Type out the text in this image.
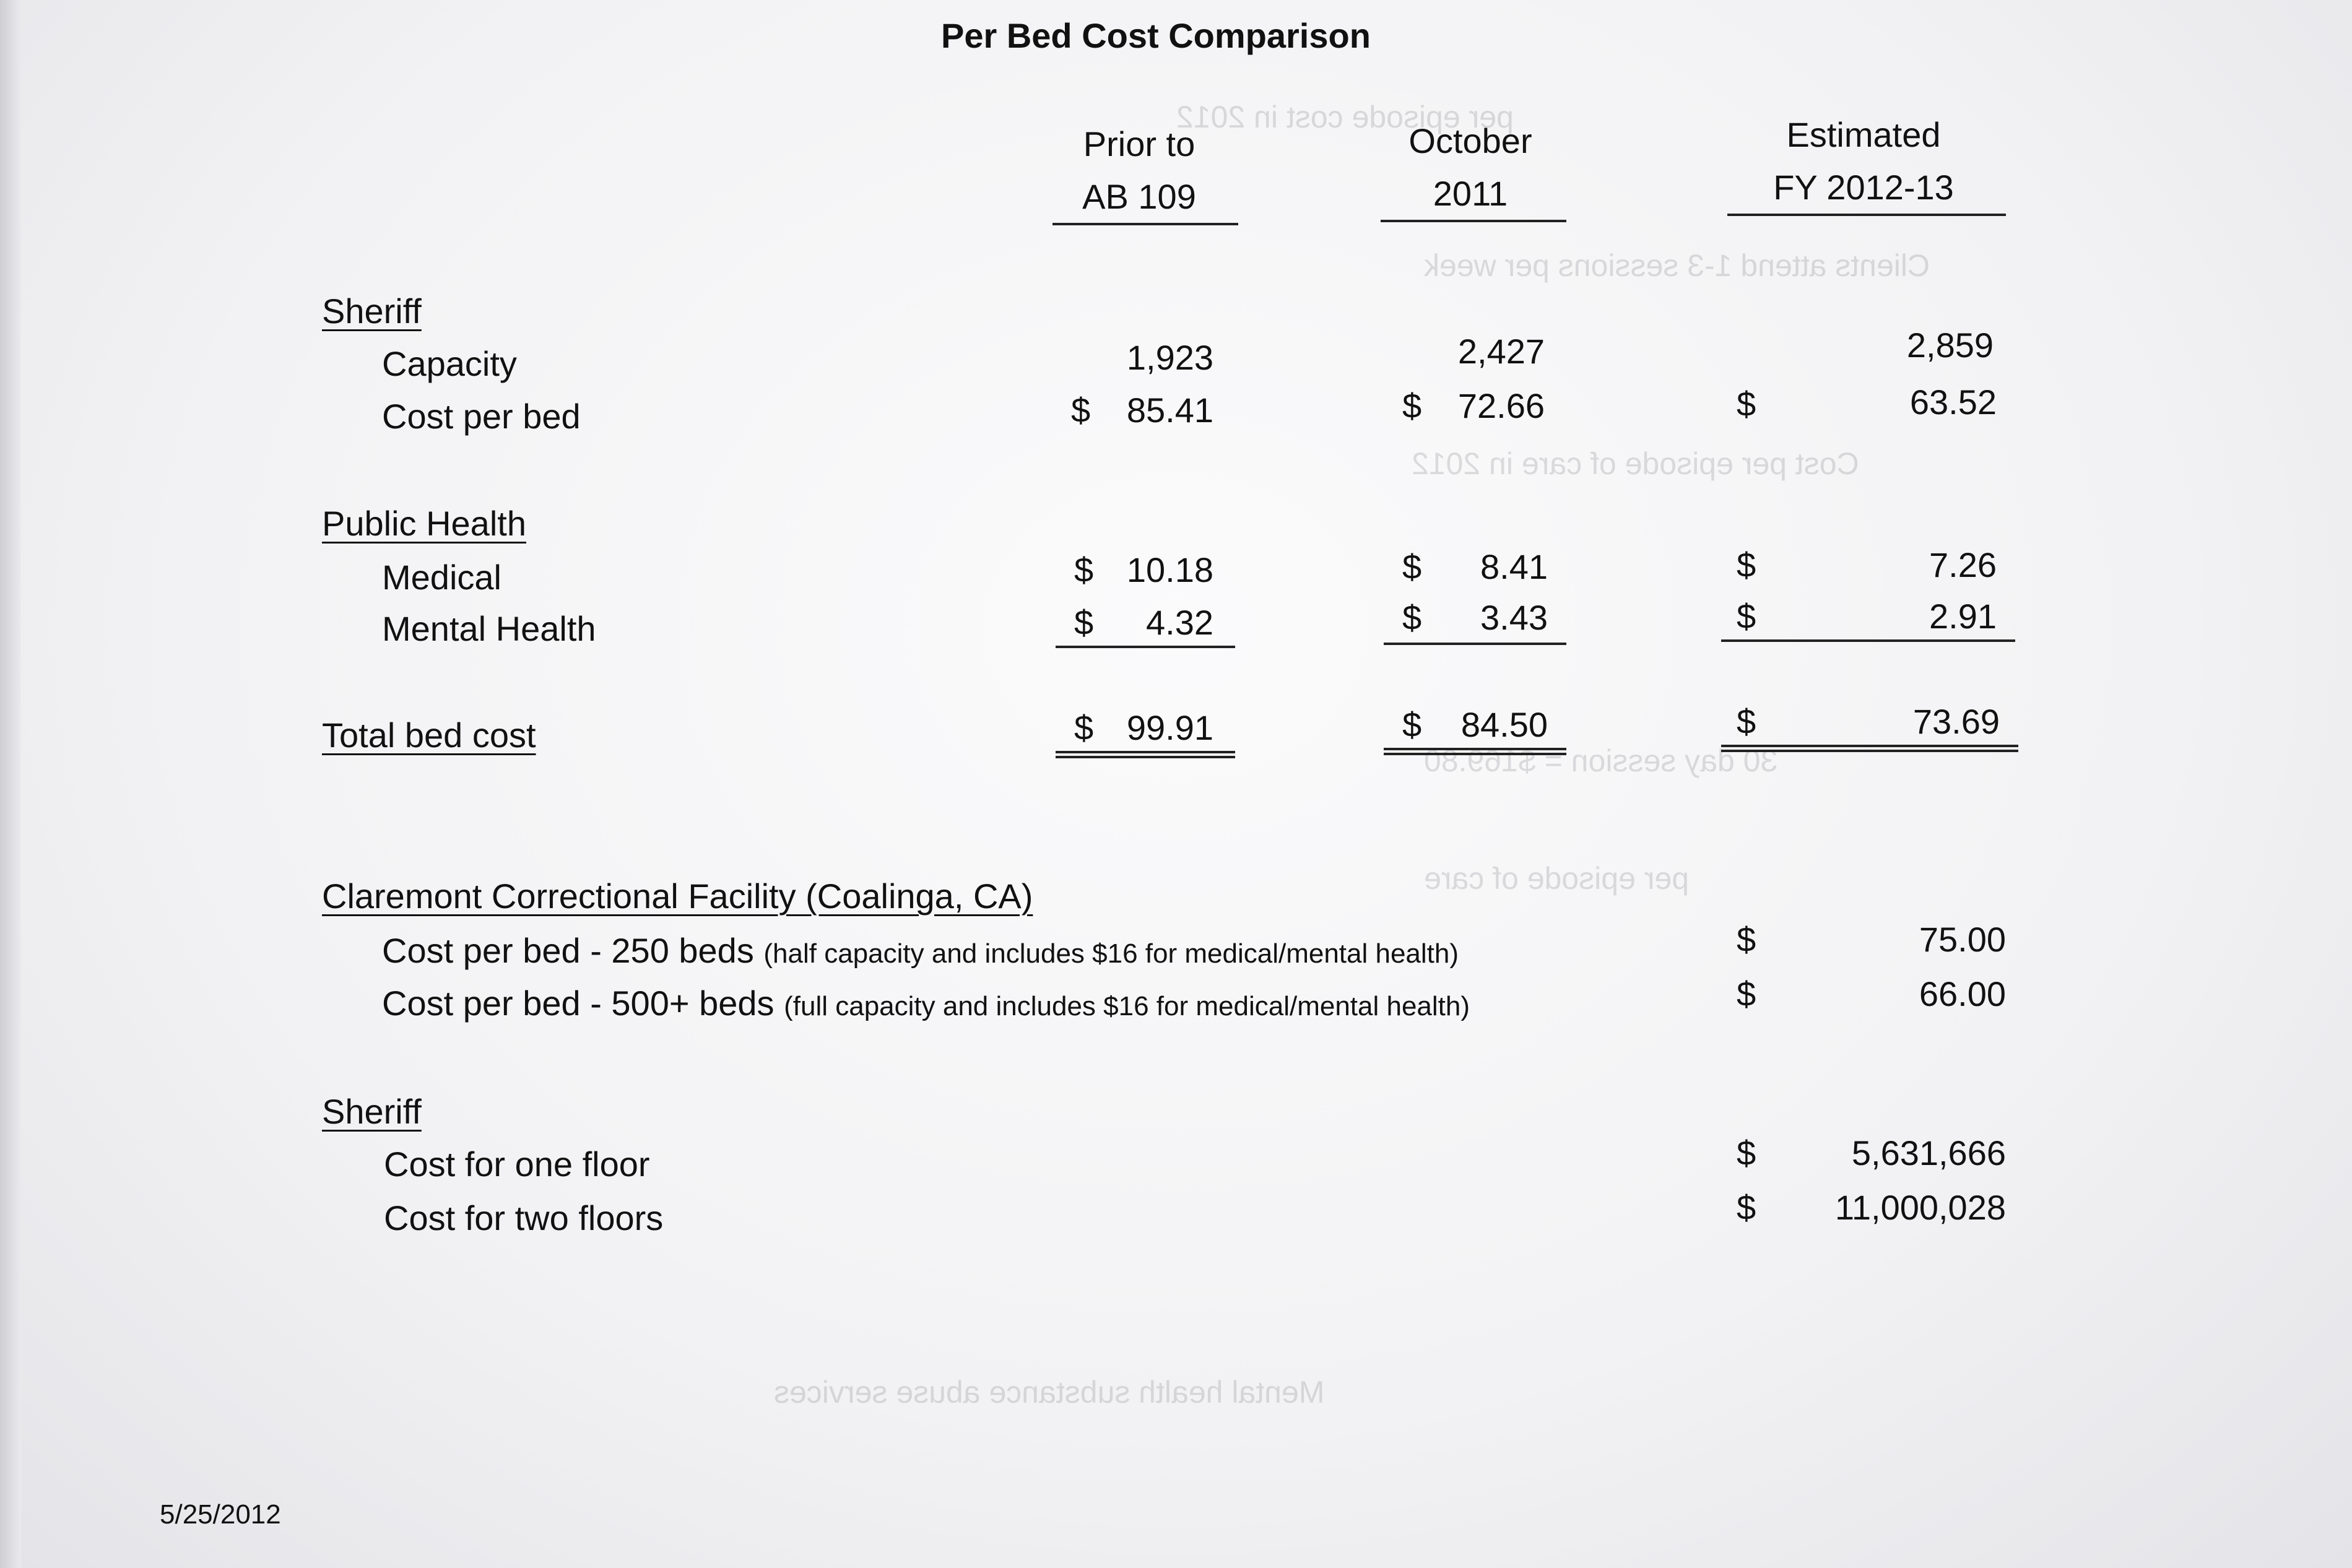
per episode cost in 2012
Clients attend 1-3 sessions per week
Cost per episode of care in 2012
30 day session = $169.80
per episode of care
Mental health substance abuse services
Per Bed Cost Comparison
Prior to
AB 109
October
2011
Estimated
FY 2012-13
Sheriff
Capacity	1,923	2,427	2,859
Cost per bed	$	85.41	$	72.66	$	63.52
Public Health
Medical	$ 10.18	$	8.41	$	7.26
Mental Health	$	4.32	$	3.43	$	2.91
Total bed cost	$ 99.91	$	84.50	$	73.69
Claremont Correctional Facility (Coalinga, CA)
Cost per bed - 250 beds (half capacity and includes $16 for medical/mental health)	$	75.00
Cost per bed - 500+ beds (full capacity and includes $16 for medical/mental health)	$	66.00
Sheriff
Cost for one floor	$	5,631,666
Cost for two floors	$	11,000,028
5/25/2012
